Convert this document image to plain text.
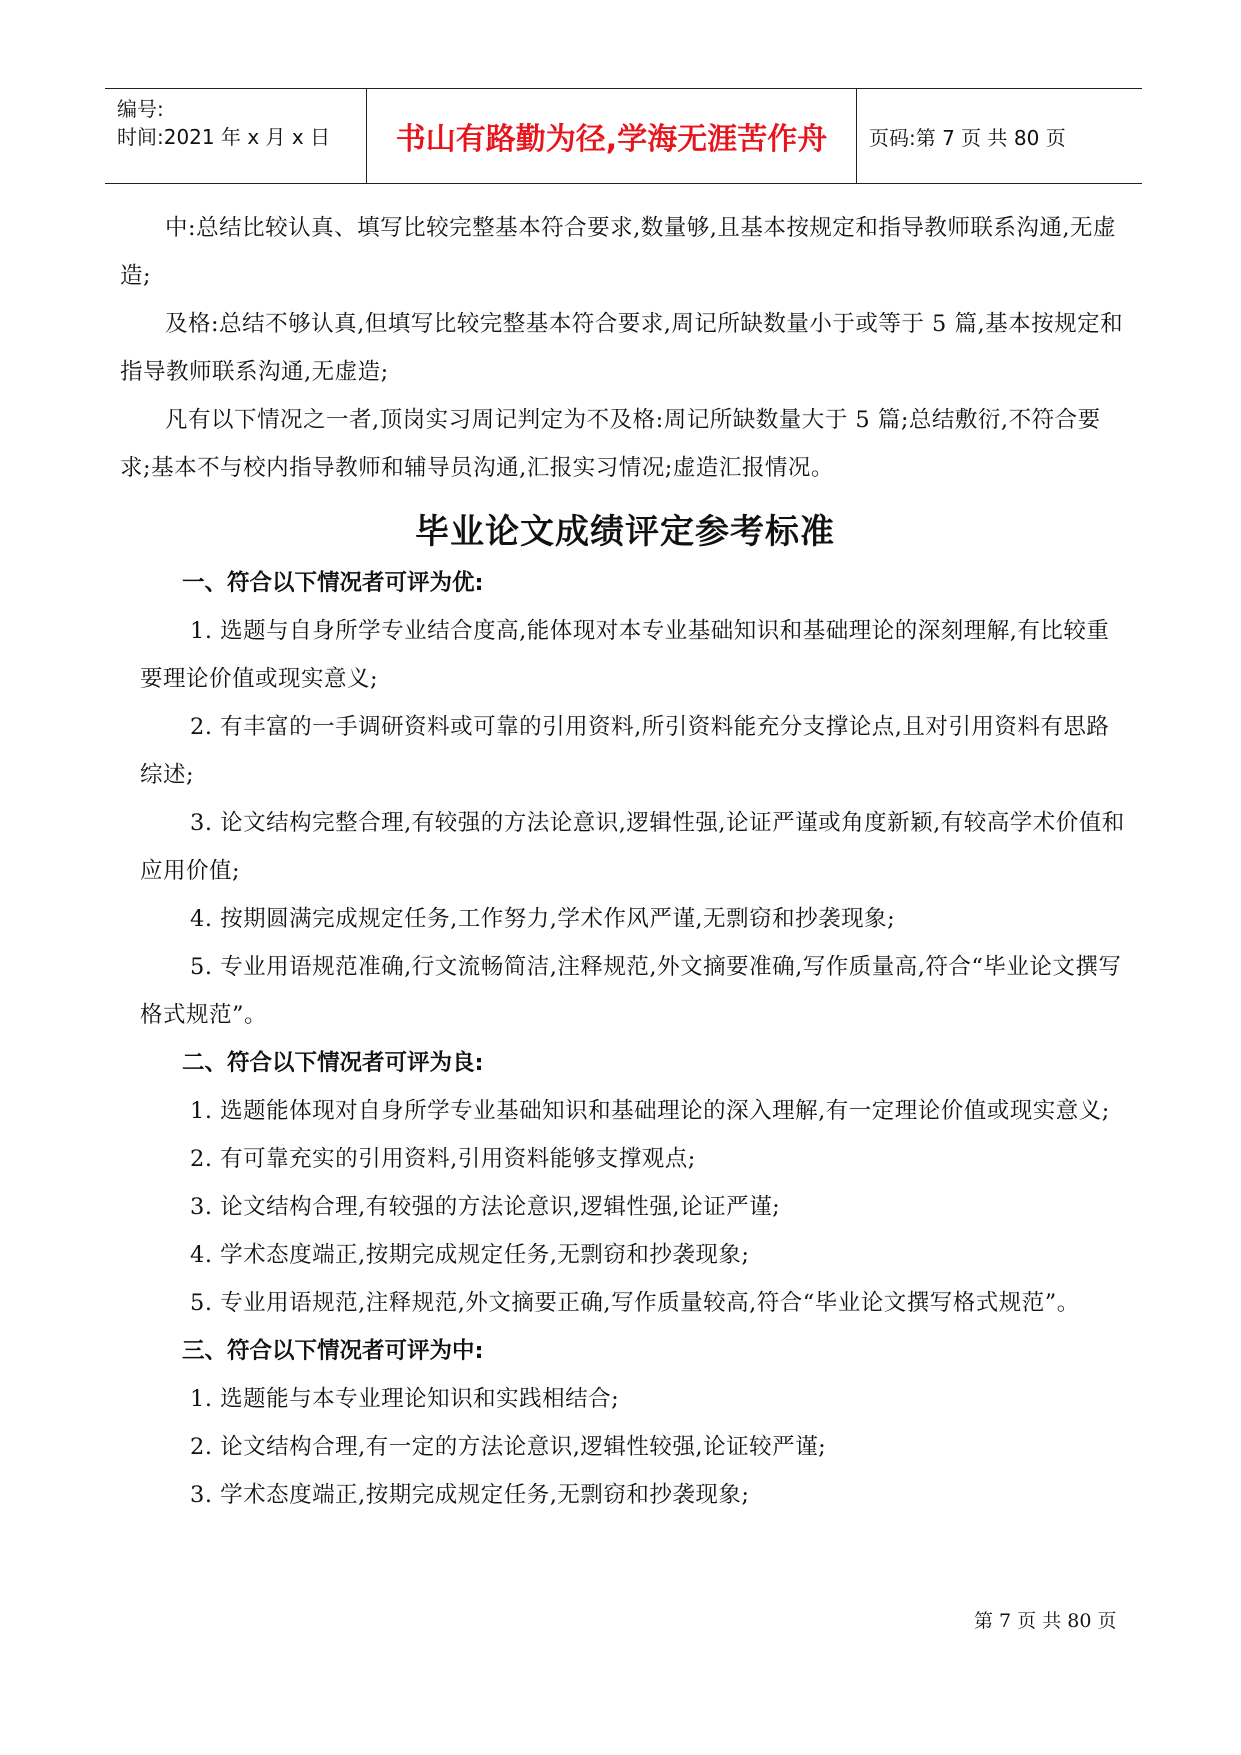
编号:
时间:2021 年 x 月 x 日	书山有路勤为径,学海无涯苦作舟 页码:第 7 页 共 80 页

中:总结比较认真、填写比较完整基本符合要求,数量够,且基本按规定和指导教师联系沟通,无虚造;

及格:总结不够认真,但填写比较完整基本符合要求,周记所缺数量小于或等于 5 篇,基本按规定和指导教师联系沟通,无虚造;

凡有以下情况之一者,顶岗实习周记判定为不及格:周记所缺数量大于 5 篇;总结敷衍,不符合要求;基本不与校内指导教师和辅导员沟通,汇报实习情况;虚造汇报情况。

毕业论文成绩评定参考标准

一、符合以下情况者可评为优:

1. 选题与自身所学专业结合度高,能体现对本专业基础知识和基础理论的深刻理解,有比较重要理论价值或现实意义;

2. 有丰富的一手调研资料或可靠的引用资料,所引资料能充分支撑论点,且对引用资料有思路综述;

3. 论文结构完整合理,有较强的方法论意识,逻辑性强,论证严谨或角度新颖,有较高学术价值和应用价值;

4. 按期圆满完成规定任务,工作努力,学术作风严谨,无剽窃和抄袭现象;

5. 专业用语规范准确,行文流畅简洁,注释规范,外文摘要准确,写作质量高,符合“毕业论文撰写格式规范”。

二、符合以下情况者可评为良:

1. 选题能体现对自身所学专业基础知识和基础理论的深入理解,有一定理论价值或现实意义;

2. 有可靠充实的引用资料,引用资料能够支撑观点;

3. 论文结构合理,有较强的方法论意识,逻辑性强,论证严谨;

4. 学术态度端正,按期完成规定任务,无剽窃和抄袭现象;

5. 专业用语规范,注释规范,外文摘要正确,写作质量较高,符合“毕业论文撰写格式规范”。

三、符合以下情况者可评为中:

1. 选题能与本专业理论知识和实践相结合;

2. 论文结构合理,有一定的方法论意识,逻辑性较强,论证较严谨;

3. 学术态度端正,按期完成规定任务,无剽窃和抄袭现象;

第 7 页 共 80 页
